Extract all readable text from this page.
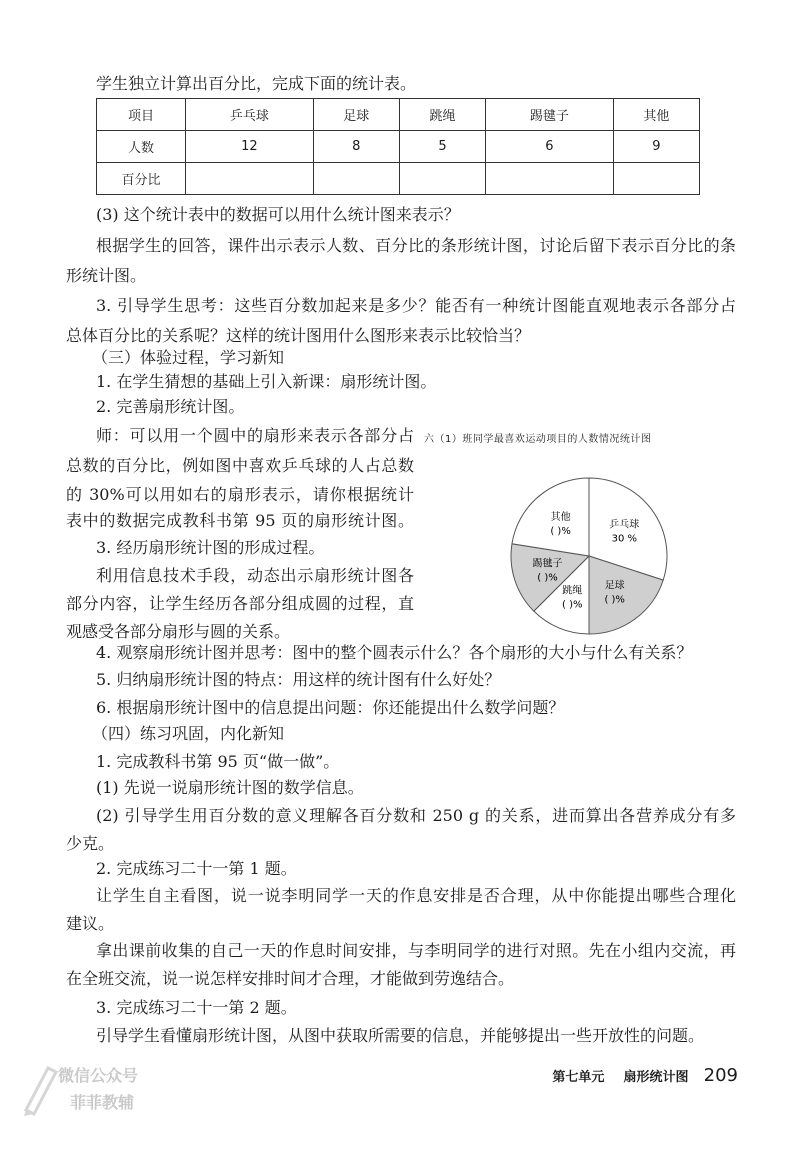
学生独立计算出百分比，完成下面的统计表。
项目	乒乓球	足球	跳绳	踢毽子	其他
人数	12	8	5	6	9
百分比					
(3) 这个统计表中的数据可以用什么统计图来表示？
根据学生的回答，课件出示表示人数、百分比的条形统计图，讨论后留下表示百分比的条
形统计图。
3. 引导学生思考：这些百分数加起来是多少？能否有一种统计图能直观地表示各部分占
总体百分比的关系呢？这样的统计图用什么图形来表示比较恰当？
（三）体验过程，学习新知
1. 在学生猜想的基础上引入新课：扇形统计图。
2. 完善扇形统计图。
师：可以用一个圆中的扇形来表示各部分占
总数的百分比，例如图中喜欢乒乓球的人占总数
的 30%可以用如右的扇形表示，请你根据统计
表中的数据完成教科书第 95 页的扇形统计图。
3. 经历扇形统计图的形成过程。
利用信息技术手段，动态出示扇形统计图各
部分内容，让学生经历各部分组成圆的过程，直
观感受各部分扇形与圆的关系。
4. 观察扇形统计图并思考：图中的整个圆表示什么？各个扇形的大小与什么有关系？
5. 归纳扇形统计图的特点：用这样的统计图有什么好处？
6. 根据扇形统计图中的信息提出问题：你还能提出什么数学问题？
（四）练习巩固，内化新知
1. 完成教科书第 95 页“做一做”。
(1) 先说一说扇形统计图的数学信息。
(2) 引导学生用百分数的意义理解各百分数和 250 g 的关系，进而算出各营养成分有多
少克。
2. 完成练习二十一第 1 题。
让学生自主看图，说一说李明同学一天的作息安排是否合理，从中你能提出哪些合理化
建议。
拿出课前收集的自己一天的作息时间安排，与李明同学的进行对照。先在小组内交流，再
在全班交流，说一说怎样安排时间才合理，才能做到劳逸结合。
3. 完成练习二十一第 2 题。
引导学生看懂扇形统计图，从图中获取所需要的信息，并能够提出一些开放性的问题。
六（1）班同学最喜欢运动项目的人数情况统计图
乒乓球
30 %
足球
( )%
跳绳
( )%
踢毽子
( )%
其他
( )%
第七单元 扇形统计图 209
微信公众号
菲菲教辅
